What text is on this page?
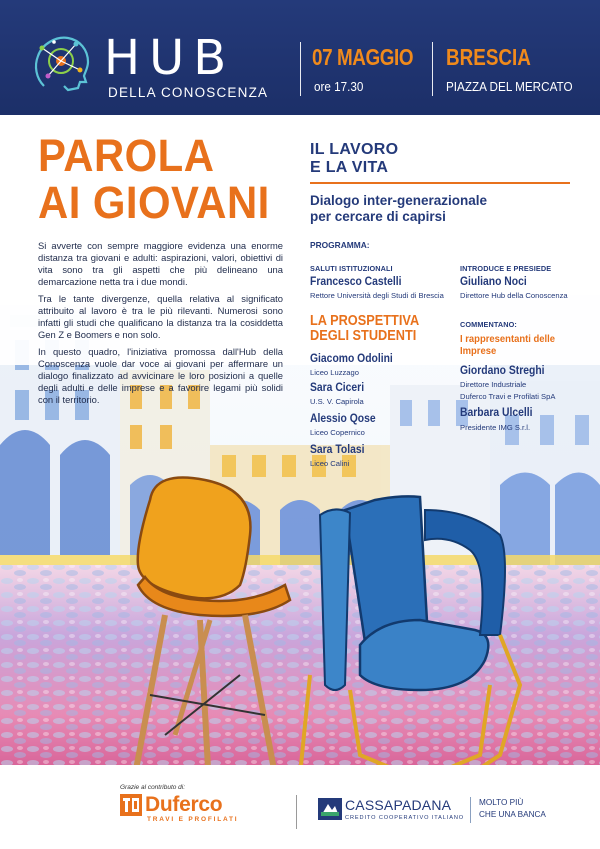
HUB
DELLA CONOSCENZA
07 MAGGIO
ore 17.30
BRESCIA
PIAZZA DEL MERCATO
PAROLA
AI GIOVANI
IL LAVORO
E LA VITA
Dialogo inter-generazionale
per cercare di capirsi

Si avverte con sempre maggiore evidenza una enorme distanza tra giovani e adulti: aspirazioni, valori, obiettivi di vita sono tra gli aspetti che più delineano una demarcazione netta tra i due mondi.

Tra le tante divergenze, quella relativa al significato attribuito al lavoro è tra le più rilevanti. Numerosi sono infatti gli studi che qualificano la distanza tra la cosiddetta Gen Z e Boomers e non solo.

In questo quadro, l'iniziativa promossa dall'Hub della Conoscenza vuole dar voce ai giovani per affermare un dialogo finalizzato ad avvicinare le loro posizioni a quelle degli adulti e delle imprese e a favorire legami più solidi con il territorio.

PROGRAMMA:
SALUTI ISTITUZIONALI
Francesco Castelli
Rettore Università degli Studi di Brescia
INTRODUCE E PRESIEDE
Giuliano Noci
Direttore Hub della Conoscenza
LA PROSPETTIVA
DEGLI STUDENTI
Giacomo Odolini
Liceo Luzzago
Sara Ciceri
U.S. V. Capirola
Alessio Qose
Liceo Copernico
Sara Tolasi
Liceo Calini
COMMENTANO:
I rappresentanti delle
Imprese
Giordano Streghi
Direttore Industriale
Duferco Travi e Profilati SpA
Barbara Ulcelli
Presidente IMG S.r.l.
Grazie al contributo di:
Duferco
TRAVI E PROFILATI
CASSAPADANA
CREDITO COOPERATIVO ITALIANO
MOLTO PIÙ
CHE UNA BANCA
